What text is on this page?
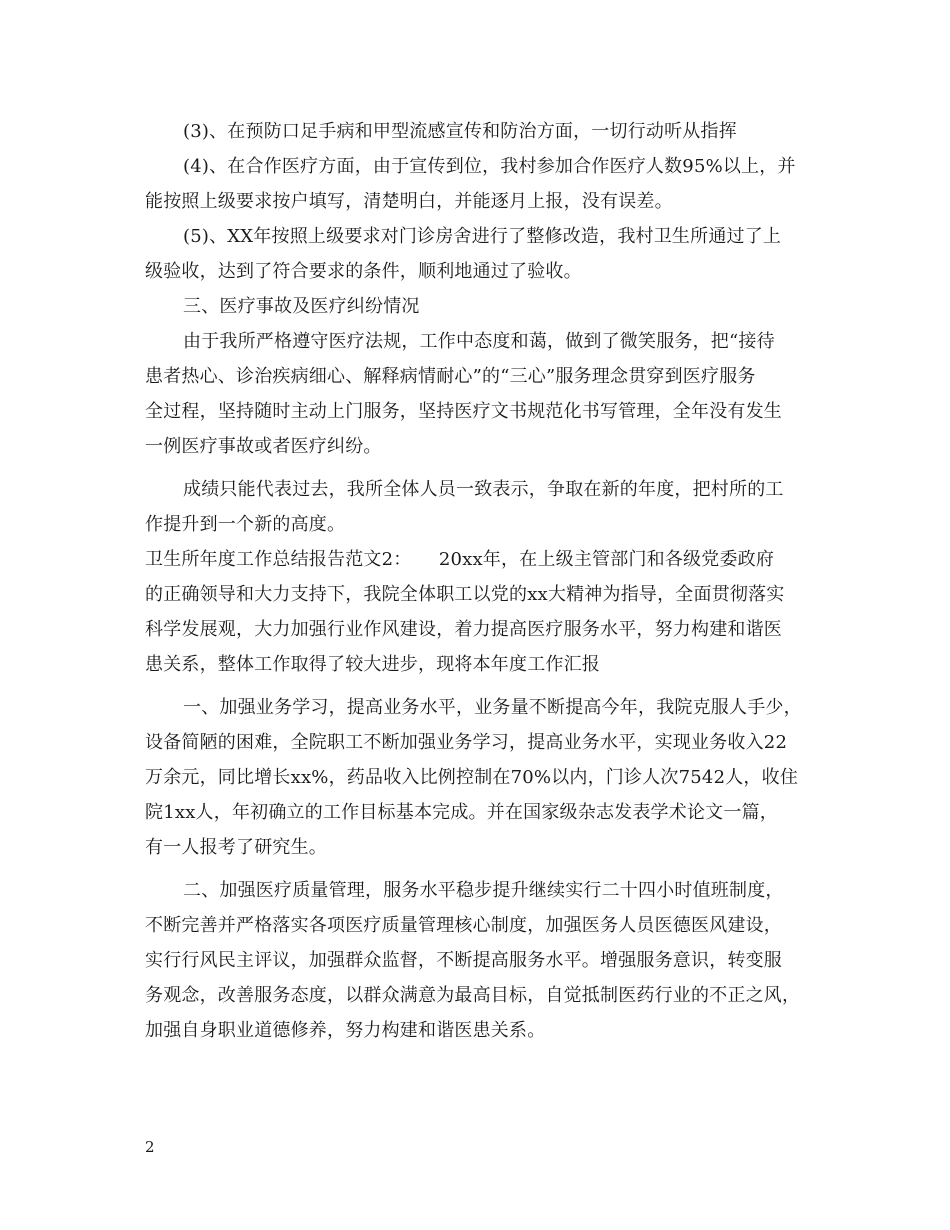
(3)、在预防口足手病和甲型流感宣传和防治方面，一切行动听从指挥
(4)、在合作医疗方面，由于宣传到位，我村参加合作医疗人数95%以上，并
能按照上级要求按户填写，清楚明白，并能逐月上报，没有误差。
(5)、XX年按照上级要求对门诊房舍进行了整修改造，我村卫生所通过了上
级验收，达到了符合要求的条件，顺利地通过了验收。
三、医疗事故及医疗纠纷情况
由于我所严格遵守医疗法规，工作中态度和蔼，做到了微笑服务，把“接待
患者热心、诊治疾病细心、解释病情耐心”的“三心”服务理念贯穿到医疗服务
全过程，坚持随时主动上门服务，坚持医疗文书规范化书写管理，全年没有发生
一例医疗事故或者医疗纠纷。
成绩只能代表过去，我所全体人员一致表示，争取在新的年度，把村所的工
作提升到一个新的高度。
卫生所年度工作总结报告范文2：　　20xx年，在上级主管部门和各级党委政府
的正确领导和大力支持下，我院全体职工以党的xx大精神为指导，全面贯彻落实
科学发展观，大力加强行业作风建设，着力提高医疗服务水平，努力构建和谐医
患关系，整体工作取得了较大进步，现将本年度工作汇报
一、加强业务学习，提高业务水平，业务量不断提高今年，我院克服人手少，
设备简陋的困难，全院职工不断加强业务学习，提高业务水平，实现业务收入22
万余元，同比增长xx%，药品收入比例控制在70%以内，门诊人次7542人，收住
院1xx人，年初确立的工作目标基本完成。并在国家级杂志发表学术论文一篇，
有一人报考了研究生。
二、加强医疗质量管理，服务水平稳步提升继续实行二十四小时值班制度，
不断完善并严格落实各项医疗质量管理核心制度，加强医务人员医德医风建设，
实行行风民主评议，加强群众监督，不断提高服务水平。增强服务意识，转变服
务观念，改善服务态度，以群众满意为最高目标，自觉抵制医药行业的不正之风，
加强自身职业道德修养，努力构建和谐医患关系。
2
